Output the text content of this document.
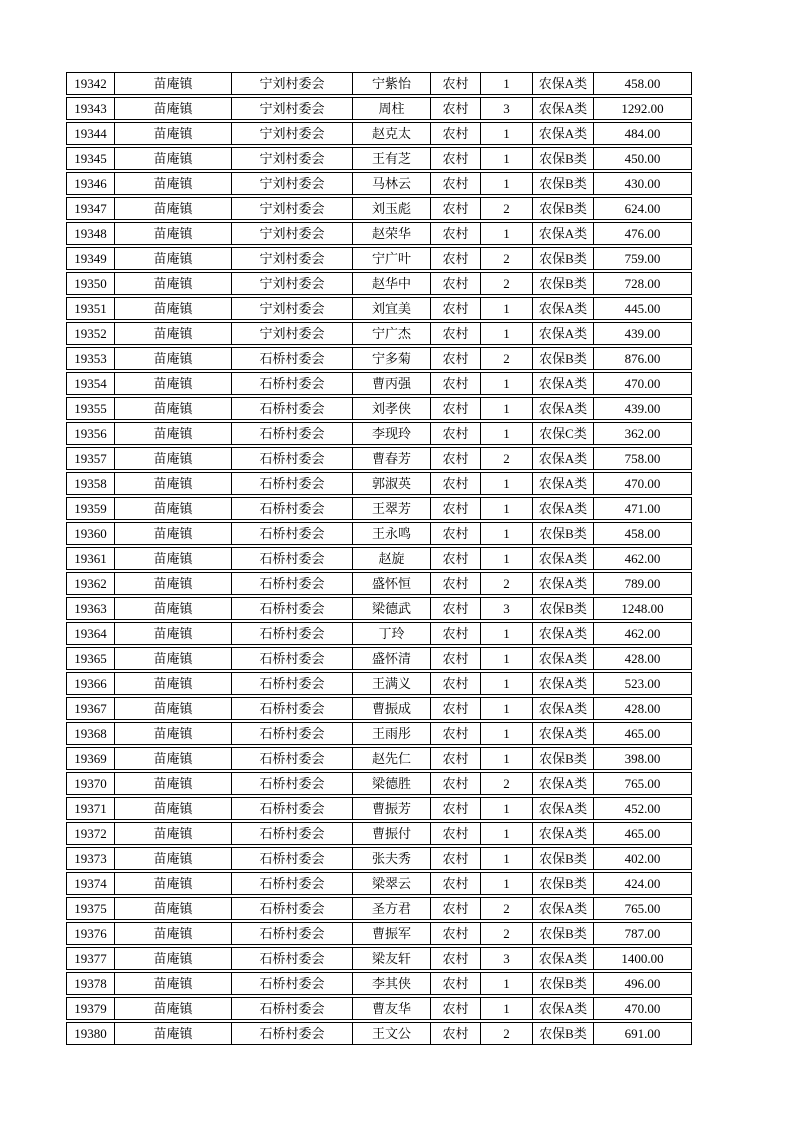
19342	苗庵镇	宁刘村委会	宁紫怡	农村	1	农保A类	458.00
19343	苗庵镇	宁刘村委会	周柱	农村	3	农保A类	1292.00
19344	苗庵镇	宁刘村委会	赵克太	农村	1	农保A类	484.00
19345	苗庵镇	宁刘村委会	王有芝	农村	1	农保B类	450.00
19346	苗庵镇	宁刘村委会	马林云	农村	1	农保B类	430.00
19347	苗庵镇	宁刘村委会	刘玉彪	农村	2	农保B类	624.00
19348	苗庵镇	宁刘村委会	赵荣华	农村	1	农保A类	476.00
19349	苗庵镇	宁刘村委会	宁广叶	农村	2	农保B类	759.00
19350	苗庵镇	宁刘村委会	赵华中	农村	2	农保B类	728.00
19351	苗庵镇	宁刘村委会	刘宜美	农村	1	农保A类	445.00
19352	苗庵镇	宁刘村委会	宁广杰	农村	1	农保A类	439.00
19353	苗庵镇	石桥村委会	宁多菊	农村	2	农保B类	876.00
19354	苗庵镇	石桥村委会	曹丙强	农村	1	农保A类	470.00
19355	苗庵镇	石桥村委会	刘孝侠	农村	1	农保A类	439.00
19356	苗庵镇	石桥村委会	李现玲	农村	1	农保C类	362.00
19357	苗庵镇	石桥村委会	曹春芳	农村	2	农保A类	758.00
19358	苗庵镇	石桥村委会	郭淑英	农村	1	农保A类	470.00
19359	苗庵镇	石桥村委会	王翠芳	农村	1	农保A类	471.00
19360	苗庵镇	石桥村委会	王永鸣	农村	1	农保B类	458.00
19361	苗庵镇	石桥村委会	赵旋	农村	1	农保A类	462.00
19362	苗庵镇	石桥村委会	盛怀恒	农村	2	农保A类	789.00
19363	苗庵镇	石桥村委会	梁德武	农村	3	农保B类	1248.00
19364	苗庵镇	石桥村委会	丁玲	农村	1	农保A类	462.00
19365	苗庵镇	石桥村委会	盛怀清	农村	1	农保A类	428.00
19366	苗庵镇	石桥村委会	王满义	农村	1	农保A类	523.00
19367	苗庵镇	石桥村委会	曹振成	农村	1	农保A类	428.00
19368	苗庵镇	石桥村委会	王雨彤	农村	1	农保A类	465.00
19369	苗庵镇	石桥村委会	赵先仁	农村	1	农保B类	398.00
19370	苗庵镇	石桥村委会	梁德胜	农村	2	农保A类	765.00
19371	苗庵镇	石桥村委会	曹振芳	农村	1	农保A类	452.00
19372	苗庵镇	石桥村委会	曹振付	农村	1	农保A类	465.00
19373	苗庵镇	石桥村委会	张夫秀	农村	1	农保B类	402.00
19374	苗庵镇	石桥村委会	梁翠云	农村	1	农保B类	424.00
19375	苗庵镇	石桥村委会	圣方君	农村	2	农保A类	765.00
19376	苗庵镇	石桥村委会	曹振军	农村	2	农保B类	787.00
19377	苗庵镇	石桥村委会	梁友轩	农村	3	农保A类	1400.00
19378	苗庵镇	石桥村委会	李其侠	农村	1	农保B类	496.00
19379	苗庵镇	石桥村委会	曹友华	农村	1	农保A类	470.00
19380	苗庵镇	石桥村委会	王文公	农村	2	农保B类	691.00
